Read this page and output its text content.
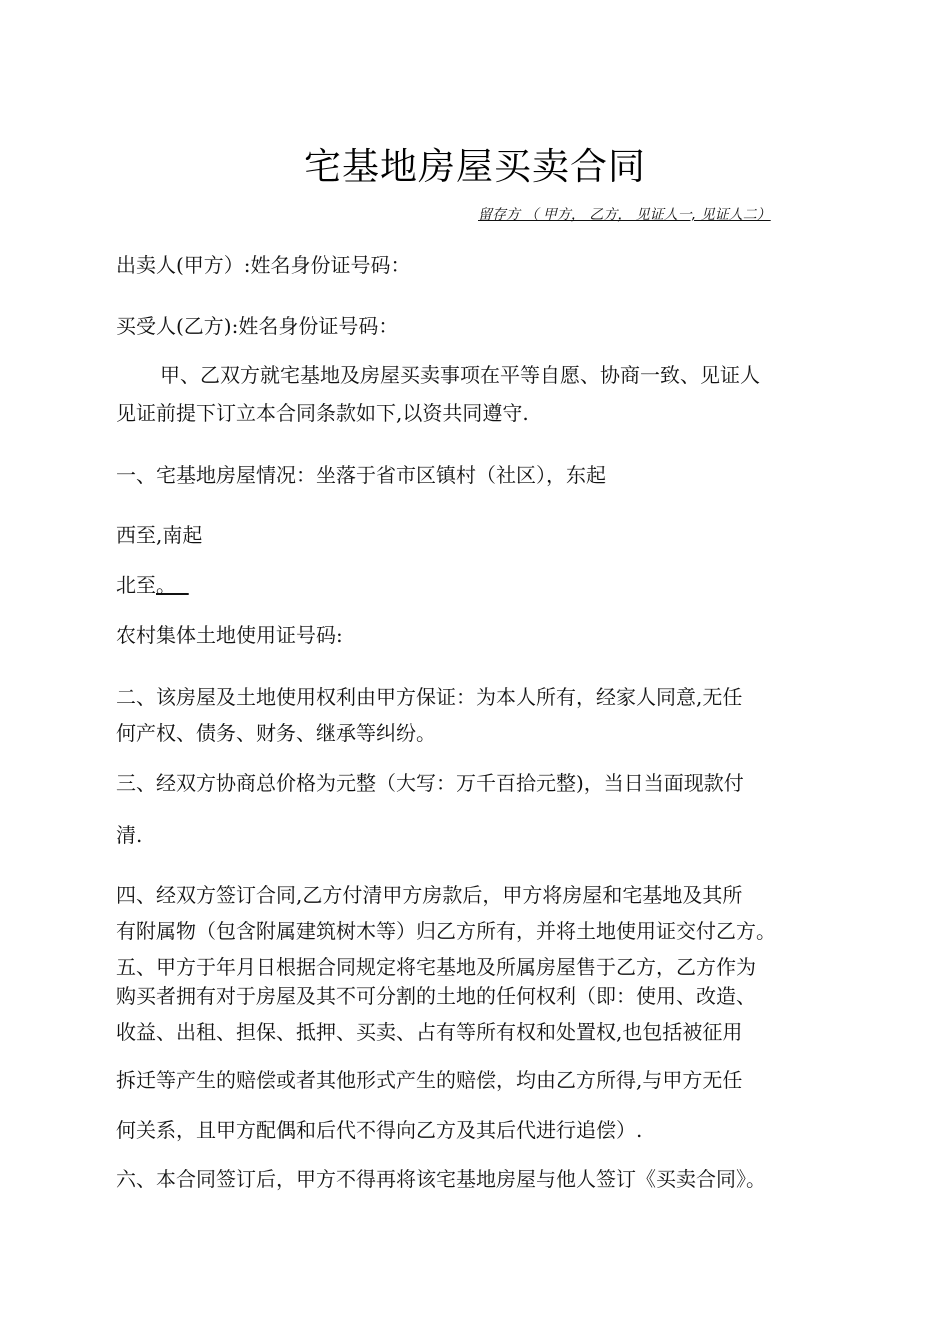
宅基地房屋买卖合同
留存方 （ 甲方， 乙方， 见证人一, 见证人二）
出卖人(甲方）:姓名身份证号码：
买受人(乙方):姓名身份证号码：
甲、乙双方就宅基地及房屋买卖事项在平等自愿、协商一致、见证人
见证前提下订立本合同条款如下,以资共同遵守.
一、宅基地房屋情况：坐落于省市区镇村（社区），东起
西至,南起
北至。
农村集体土地使用证号码:
二、该房屋及土地使用权利由甲方保证：为本人所有，经家人同意,无任
何产权、债务、财务、继承等纠纷。
三、经双方协商总价格为元整（大写：万千百拾元整)，当日当面现款付
清.
四、经双方签订合同,乙方付清甲方房款后，甲方将房屋和宅基地及其所
有附属物（包含附属建筑树木等）归乙方所有，并将土地使用证交付乙方。
五、甲方于年月日根据合同规定将宅基地及所属房屋售于乙方，乙方作为
购买者拥有对于房屋及其不可分割的土地的任何权利（即：使用、改造、
收益、出租、担保、抵押、买卖、占有等所有权和处置权,也包括被征用
拆迁等产生的赔偿或者其他形式产生的赔偿，均由乙方所得,与甲方无任
何关系，且甲方配偶和后代不得向乙方及其后代进行追偿）.
六、本合同签订后，甲方不得再将该宅基地房屋与他人签订《买卖合同》。
